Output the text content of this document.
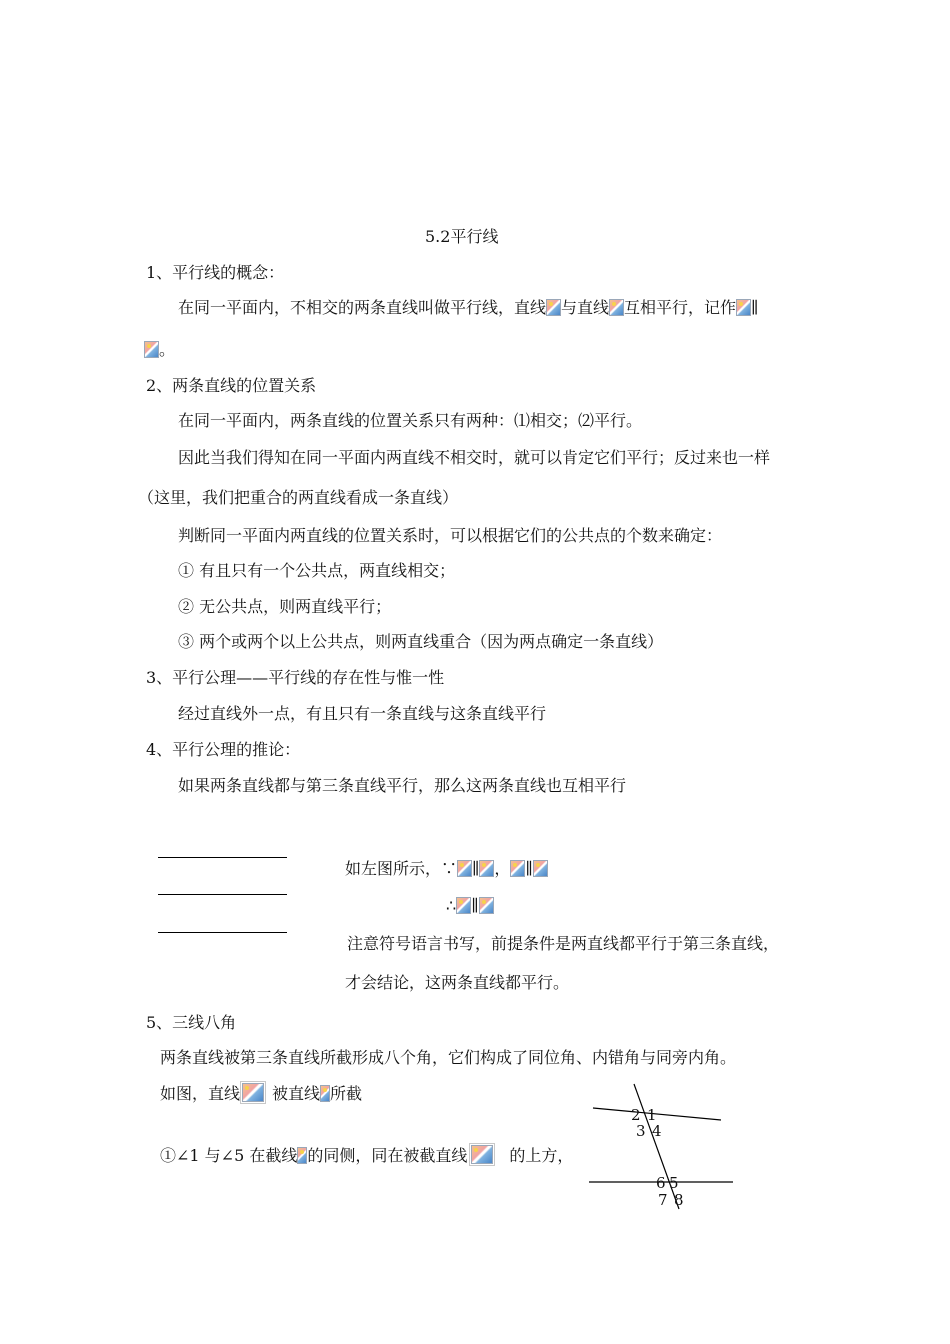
5.2平行线
1、平行线的概念：
在同一平面内，不相交的两条直线叫做平行线，直线 与直线 互相平行，记作 ∥
。
2、两条直线的位置关系
在同一平面内，两条直线的位置关系只有两种：⑴相交；⑵平行。
因此当我们得知在同一平面内两直线不相交时，就可以肯定它们平行；反过来也一样
（这里，我们把重合的两直线看成一条直线）
判断同一平面内两直线的位置关系时，可以根据它们的公共点的个数来确定：
① 有且只有一个公共点，两直线相交；
② 无公共点，则两直线平行；
③ 两个或两个以上公共点，则两直线重合（因为两点确定一条直线）
3、平行公理——平行线的存在性与惟一性
经过直线外一点，有且只有一条直线与这条直线平行
4、平行公理的推论：
如果两条直线都与第三条直线平行，那么这两条直线也互相平行
如左图所示，∵ ∥ ， ∥
∴ ∥
注意符号语言书写，前提条件是两直线都平行于第三条直线，
才会结论，这两条直线都平行。
5、三线八角
两条直线被第三条直线所截形成八个角，它们构成了同位角、内错角与同旁内角。
如图，直线 被直线 所截
①∠1 与∠5 在截线 的同侧，同在被截直线	的上方，
2 1
3 4
6 5
7 8
